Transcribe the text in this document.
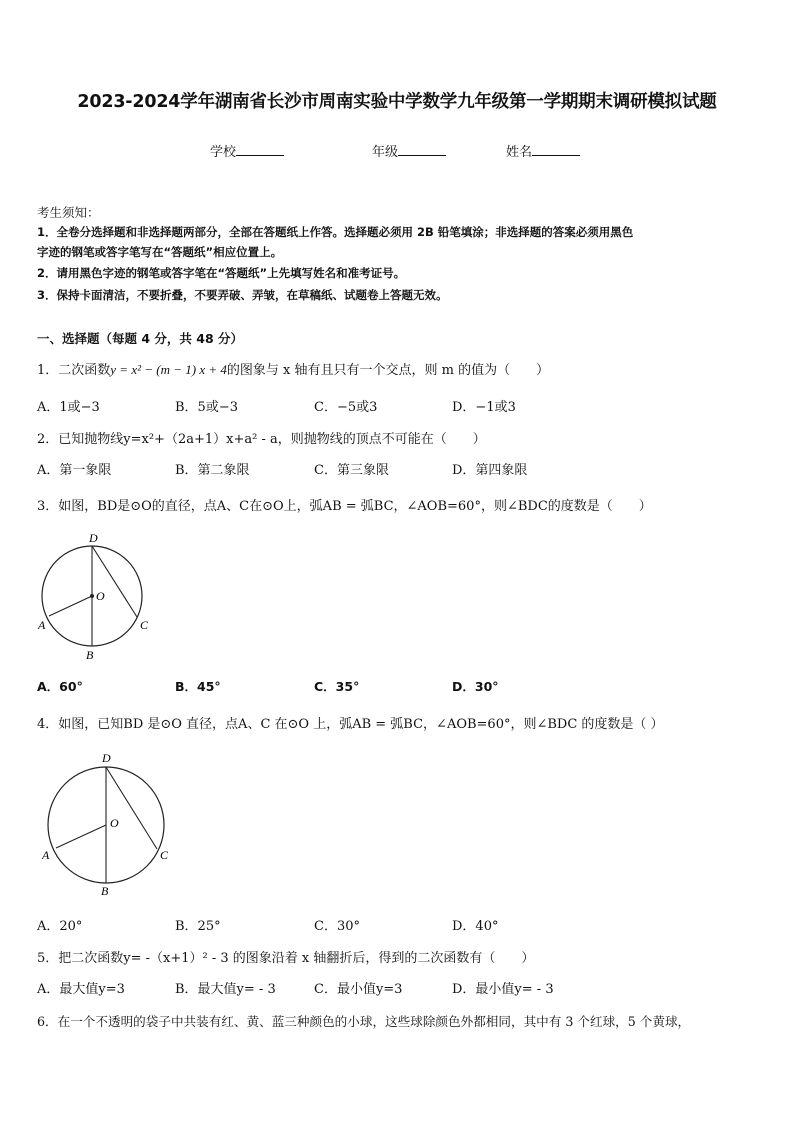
2023-2024学年湖南省长沙市周南实验中学数学九年级第一学期期末调研模拟试题
学校	年级	姓名
考生须知：
1．全卷分选择题和非选择题两部分，全部在答题纸上作答。选择题必须用 2B 铅笔填涂；非选择题的答案必须用黑色
字迹的钢笔或答字笔写在“答题纸”相应位置上。
2．请用黑色字迹的钢笔或答字笔在“答题纸”上先填写姓名和准考证号。
3．保持卡面清洁，不要折叠，不要弄破、弄皱，在草稿纸、试题卷上答题无效。
一、选择题（每题 4 分，共 48 分）
1．二次函数y = x² − (m − 1) x + 4的图象与 x 轴有且只有一个交点，则 m 的值为（　　）
A．1或−3	B．5或−3	C．−5或3	D．−1或3
2．已知抛物线y=x²+（2a+1）x+a² - a，则抛物线的顶点不可能在（　　）
A．第一象限	B．第二象限	C．第三象限	D．第四象限
3．如图，BD是⊙O的直径，点A、C在⊙O上，弧AB = 弧BC，∠AOB=60°，则∠BDC的度数是（　　）
D
O
A
B
C
A．60°	B．45°	C．35°	D．30°
4．如图，已知BD 是⊙O 直径，点A、C 在⊙O 上，弧AB = 弧BC，∠AOB=60°，则∠BDC 的度数是（ ）
D
O
A
B
C
A．20°	B．25°	C．30°	D．40°
5．把二次函数y= -（x+1）² - 3 的图象沿着 x 轴翻折后，得到的二次函数有（　　）
A．最大值y=3	B．最大值y= - 3	C．最小值y=3	D．最小值y= - 3
6．在一个不透明的袋子中共装有红、黄、蓝三种颜色的小球，这些球除颜色外都相同，其中有 3 个红球，5 个黄球，
